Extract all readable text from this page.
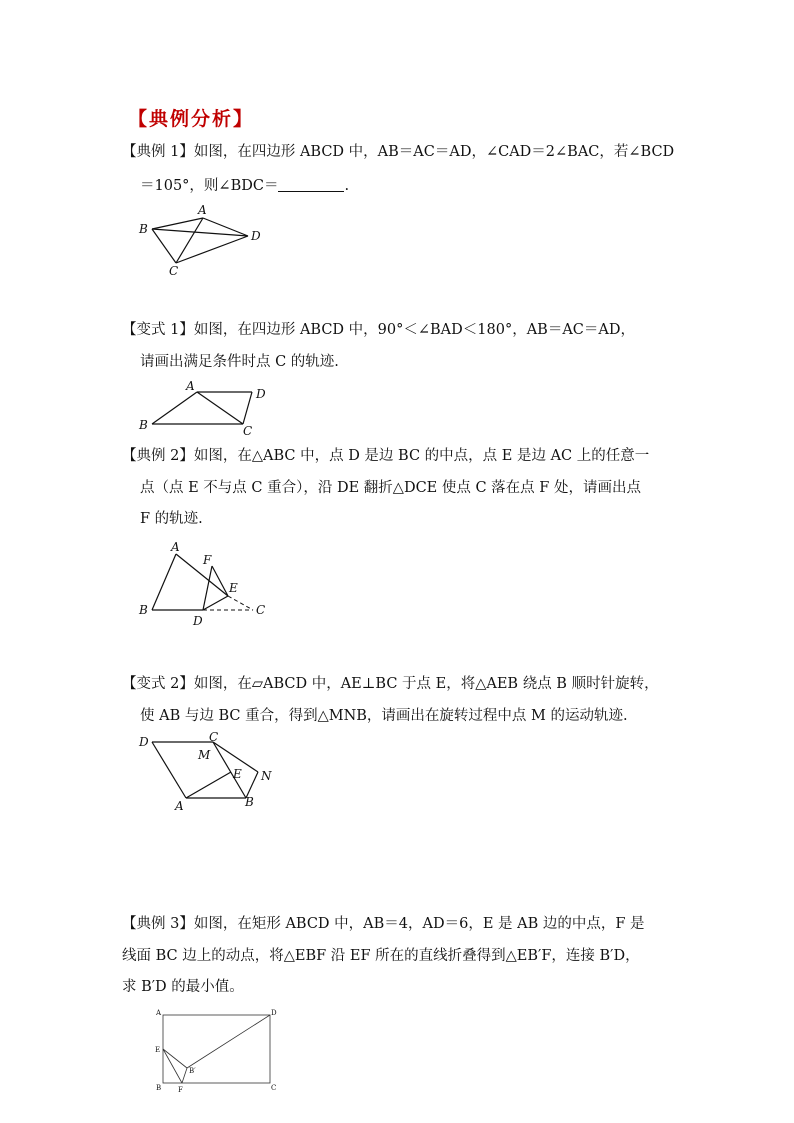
【典例分析】
【典例 1】如图，在四边形 ABCD 中，AB＝AC＝AD，∠CAD＝2∠BAC，若∠BCD
＝105°，则∠BDC＝	.
A
B
C
D
【变式 1】如图，在四边形 ABCD 中，90°＜∠BAD＜180°，AB＝AC＝AD，
请画出满足条件时点 C 的轨迹.
A
B	C
D
【典例 2】如图，在△ABC 中，点 D 是边 BC 的中点，点 E 是边 AC 上的任意一
点（点 E 不与点 C 重合），沿 DE 翻折△DCE 使点 C 落在点 F 处，请画出点
F 的轨迹.
A
B	C
D
E
F
【变式 2】如图，在▱ABCD 中，AE⊥BC 于点 E，将△AEB 绕点 B 顺时针旋转，
使 AB 与边 BC 重合，得到△MNB，请画出在旋转过程中点 M 的运动轨迹.
D	C
M
E N
A	B
【典例 3】如图，在矩形 ABCD 中，AB＝4，AD＝6，E 是 AB 边的中点，F 是
线面 BC 边上的动点，将△EBF 沿 EF 所在的直线折叠得到△EB′F，连接 B′D，
求 B′D 的最小值。
A	D
E
B′
B F	C
